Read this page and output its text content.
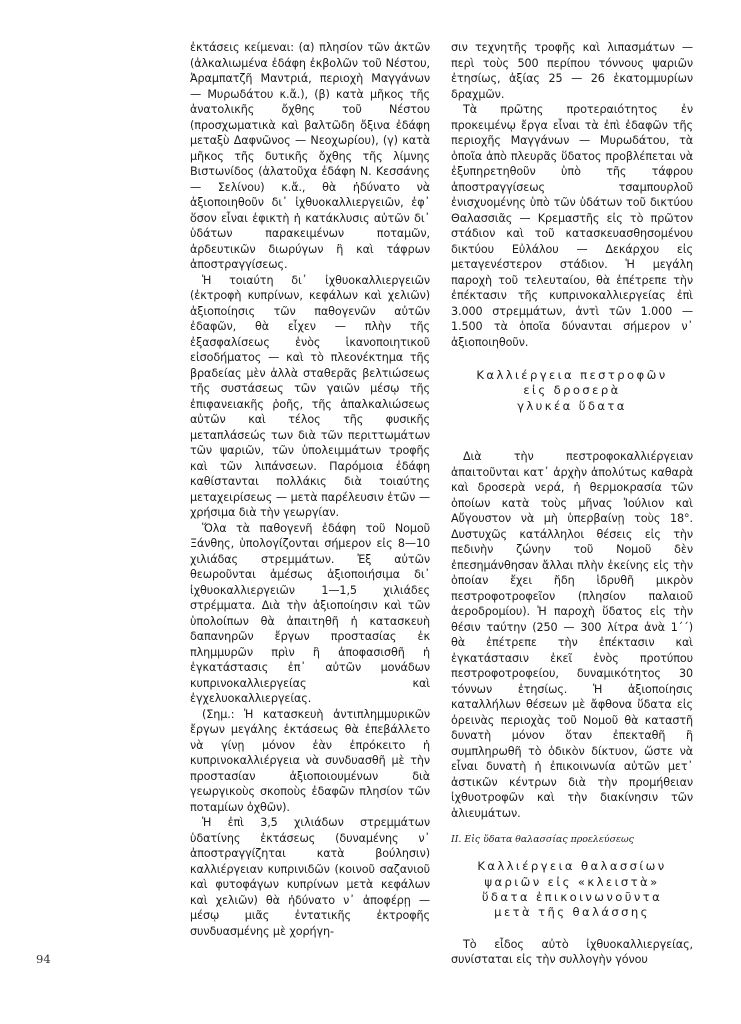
ἐκτάσεις κείμεναι: (α) πλησίον τῶν ἀκτῶν (ἀλκαλιωμένα ἐδάφη ἐκβολῶν τοῦ Νέστου, Ἀραμπατζῆ Μαντριά, περιοχὴ Μαγγάνων — Μυρωδάτου κ.ἄ.), (β) κατὰ μῆκος τῆς ἀνατολικῆς ὄχθης τοῦ Νέστου (προσχωματικὰ καὶ βαλτῶδη ὄξινα ἐδάφη μεταξὺ Δαφνῶνος — Νεοχωρίου), (γ) κατὰ μῆκος τῆς δυτικῆς ὄχθης τῆς λίμνης Βιστωνίδος (ἁλατοῦχα ἐδάφη Ν. Κεσσάνης — Σελίνου) κ.ἄ., θὰ ἠδύνατο νὰ ἀξιοποιηθοῦν δι᾽ ἰχθυοκαλλιεργειῶν, ἐφ᾽ ὅσον εἶναι ἐφικτὴ ἡ κατάκλυσις αὐτῶν δι᾽ ὑδάτων παρακειμένων ποταμῶν, ἀρδευτικῶν διωρύγων ἢ καὶ τάφρων ἀποστραγγίσεως.

Ἡ τοιαύτη δι᾽ ἰχθυοκαλλιεργειῶν (ἐκτροφὴ κυπρίνων, κεφάλων καὶ χελιῶν) ἀξιοποίησις τῶν παθογενῶν αὐτῶν ἐδαφῶν, θὰ εἶχεν — πλὴν τῆς ἐξασφαλίσεως ἑνὸς ἱκανοποιητικοῦ εἰσοδήματος — καὶ τὸ πλεονέκτημα τῆς βραδείας μὲν ἀλλὰ σταθερᾶς βελτιώσεως τῆς συστάσεως τῶν γαιῶν μέσῳ τῆς ἐπιφανειακῆς ῥοῆς, τῆς ἀπαλκαλιώσεως αὐτῶν καὶ τέλος τῆς φυσικῆς μεταπλάσεώς των διὰ τῶν περιττωμάτων τῶν ψαριῶν, τῶν ὑπολειμμάτων τροφῆς καὶ τῶν λιπάνσεων. Παρόμοια ἐδάφη καθίστανται πολλάκις διὰ τοιαύτης μεταχειρίσεως — μετὰ παρέλευσιν ἐτῶν — χρήσιμα διὰ τὴν γεωργίαν.

Ὅλα τὰ παθογενῆ ἐδάφη τοῦ Νομοῦ Ξάνθης, ὑπολογίζονται σήμερον εἰς 8—10 χιλιάδας στρεμμάτων. Ἐξ αὐτῶν θεωροῦνται ἀμέσως ἀξιοποιήσιμα δι᾽ ἰχθυοκαλλιεργειῶν 1—1,5 χιλιάδες στρέμματα. Διὰ τὴν ἀξιοποίησιν καὶ τῶν ὑπολοίπων θὰ ἀπαιτηθῆ ἡ κατασκευὴ δαπανηρῶν ἔργων προστασίας ἐκ πλημμυρῶν πρὶν ἢ ἀποφασισθῆ ἡ ἐγκατάστασις ἐπ᾽ αὐτῶν μονάδων κυπρινοκαλλιεργείας καὶ ἐγχελυοκαλλιεργείας.

(Σημ.: Ἡ κατασκευὴ ἀντιπλημμυρικῶν ἔργων μεγάλης ἐκτάσεως θὰ ἐπεβάλλετο νὰ γίνῃ μόνον ἐὰν ἐπρόκειτο ἡ κυπρινοκαλλιέργεια νὰ συνδυασθῆ μὲ τὴν προστασίαν ἀξιοποιουμένων διὰ γεωργικοὺς σκοποὺς ἐδαφῶν πλησίον τῶν ποταμίων ὀχθῶν).

Ἡ ἐπὶ 3,5 χιλιάδων στρεμμάτων ὑδατίνης ἐκτάσεως (δυναμένης ν᾽ ἀποστραγγίζηται κατὰ βούλησιν) καλλιέργειαν κυπρινιδῶν (κοινοῦ σαζανιοῦ καὶ φυτοφάγων κυπρίνων μετὰ κεφάλων καὶ χελιῶν) θὰ ἠδύνατο ν᾽ ἀποφέρῃ — μέσῳ μιᾶς ἐντατικῆς ἐκτροφῆς συνδυασμένης μὲ χορήγη-

σιν τεχνητῆς τροφῆς καὶ λιπασμάτων — περὶ τοὺς 500 περίπου τόννους ψαριῶν ἐτησίως, ἀξίας 25 — 26 ἑκατομμυρίων δραχμῶν.

Τὰ πρῶτης προτεραιότητος ἐν προκειμένῳ ἔργα εἶναι τὰ ἐπὶ ἐδαφῶν τῆς περιοχῆς Μαγγάνων — Μυρωδάτου, τὰ ὁποῖα ἀπὸ πλευρᾶς ὕδατος προβλέπεται νὰ ἐξυπηρετηθοῦν ὑπὸ τῆς τάφρου ἀποστραγγίσεως τσαμπουρλοῦ ἐνισχυομένης ὑπὸ τῶν ὑδάτων τοῦ δικτύου Θαλασσιᾶς — Κρεμαστῆς εἰς τὸ πρῶτον στάδιον καὶ τοῦ κατασκευασθησομένου δικτύου Εὐλάλου — Δεκάρχου εἰς μεταγενέστερον στάδιον. Ἡ μεγάλη παροχὴ τοῦ τελευταίου, θὰ ἐπέτρεπε τὴν ἐπέκτασιν τῆς κυπρινοκαλλιεργείας ἐπὶ 3.000 στρεμμάτων, ἀντὶ τῶν 1.000 — 1.500 τὰ ὁποῖα δύνανται σήμερον ν᾽ ἀξιοποιηθοῦν.

Καλλιέργεια πεστροφῶν

εἰς δροσερὰ

γλυκέα ὕδατα

Διὰ τὴν πεστροφοκαλλιέργειαν ἀπαιτοῦνται κατ᾽ ἀρχὴν ἀπολύτως καθαρὰ καὶ δροσερὰ νερά, ἡ θερμοκρασία τῶν ὁποίων κατὰ τοὺς μῆνας Ἰούλιον καὶ Αὔγουστον νὰ μὴ ὑπερβαίνῃ τοὺς 18°. Δυστυχῶς κατάλληλοι θέσεις εἰς τὴν πεδινὴν ζώνην τοῦ Νομοῦ δὲν ἐπεσημάνθησαν ἄλλαι πλὴν ἐκείνης εἰς τὴν ὁποίαν ἔχει ἤδη ἱδρυθῆ μικρὸν πεστροφοτροφεῖον (πλησίον παλαιοῦ ἀεροδρομίου). Ἡ παροχὴ ὕδατος εἰς τὴν θέσιν ταύτην (250 — 300 λίτρα ἀνὰ 1΄΄) θὰ ἐπέτρεπε τὴν ἐπέκτασιν καὶ ἐγκατάστασιν ἐκεῖ ἑνὸς προτύπου πεστροφοτροφείου, δυναμικότητος 30 τόννων ἐτησίως. Ἡ ἀξιοποίησις καταλλήλων θέσεων μὲ ἄφθονα ὕδατα εἰς ὀρεινὰς περιοχὰς τοῦ Νομοῦ θὰ καταστῆ δυνατὴ μόνον ὅταν ἐπεκταθῆ ἢ συμπληρωθῆ τὸ ὁδικὸν δίκτυον, ὥστε νὰ εἶναι δυνατὴ ἡ ἐπικοινωνία αὐτῶν μετ᾽ ἀστικῶν κέντρων διὰ τὴν προμήθειαν ἰχθυοτροφῶν καὶ τὴν διακίνησιν τῶν ἁλιευμάτων.

ΙΙ. Εἰς ὕδατα θαλασσίας προελεύσεως

Καλλιέργεια θαλασσίων

ψαριῶν εἰς «κλειστὰ»

ὕδατα ἐπικοινωνοῦντα

μετὰ τῆς θαλάσσης

Τὸ εἶδος αὐτὸ ἰχθυοκαλλιεργείας, συνίσταται εἰς τὴν συλλογὴν γόνου

94
